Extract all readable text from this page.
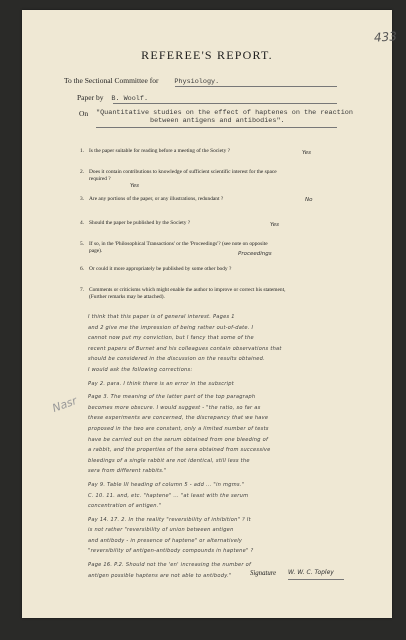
433
REFEREE'S REPORT.
To the Sectional Committee for Physiology.
Paper by B. Woolf.
On "Quantitative studies on the effect of haptenes on the reaction
between antigens and antibodies".
1. Is the paper suitable for reading before a meeting of the Society ?	Yes
2. Does it contain contributions to knowledge of sufficient scientific interest for the space
required ?
Yes
3. Are any portions of the paper, or any illustrations, redundant ?	No
4. Should the paper be published by the Society ?	Yes
5. If so, in the 'Philosophical Transactions' or the 'Proceedings'? (see note on opposite
page).	Proceedings
6. Or could it more appropriately be published by some other body ?
7. Comments or criticisms which might enable the author to improve or correct his statement,
(Further remarks may be attached).
Nasr
I think that this paper is of general interest. Pages 1
and 2 give me the impression of being rather out-of-date. I
cannot now put my conviction, but I fancy that some of the
recent papers of Burnet and his colleagues contain observations that
should be considered in the discussion on the results obtained.
I would ask the following corrections:
Pay 2. para. I think there is an error in the subscript
Page 3. The meaning of the latter part of the top paragraph
becomes more obscure. I would suggest - "the ratio, so far as
these experiments are concerned, the discrepancy that we have
proposed in the two are constant, only a limited number of tests
have be carried out on the serum obtained from one bleeding of
a rabbit, and the properties of the sera obtained from successive
bleedings of a single rabbit are not identical, still less the
sera from different rabbits."
Pay 9. Table III heading of column 5 - add ... "in mgms."
C. 10. 11. and, etc. "haptene" ... "at least with the serum
concentration of antigen."
Pay 14. 17. 2. In the reality "reversibility of inhibition" ? It
is not rather "reversibility of union between antigen
and antibody - in presence of haptene" or alternatively
"reversibility of antigen-antibody compounds in haptene" ?
Page 16. P.2. Should not the 'en' increasing the number of
antigen possible haptens are not able to antibody."	Signature W. W. C. Topley
